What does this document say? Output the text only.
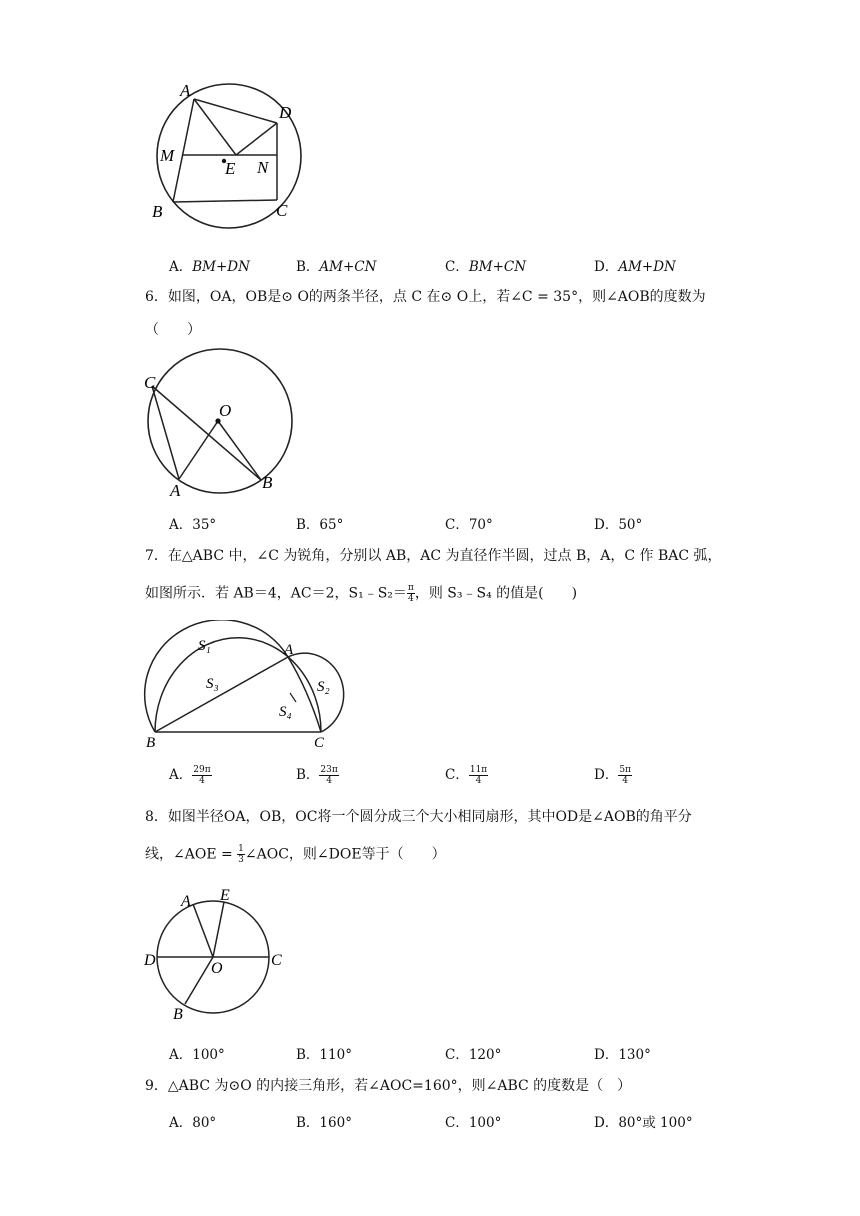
A
D
M
E N
B	C
A．BM+DN	B．AM+CN	C．BM+CN	D．AM+DN
6．如图，OA，OB是⊙ O的两条半径，点 C 在⊙ O上，若∠C = 35°，则∠AOB的度数为
（　　）
C
O
A	B
A．35°	B．65°	C．70°	D．50°
7．在△ABC 中，∠C 为锐角，分别以 AB，AC 为直径作半圆，过点 B，A，C 作 BAC 弧，
如图所示．若 AB＝4，AC＝2，S₁﹣S₂＝ $\frac{\pi}{4}$ ，则 S₃﹣S₄ 的值是(　　)
S₁	A
S₃	S₂
S₄
B	C
A． $\frac{29\pi}{4}$	B． $\frac{23\pi}{4}$	C． $\frac{11\pi}{4}$	D． $\frac{5\pi}{4}$
8．如图半径OA，OB，OC将一个圆分成三个大小相同扇形，其中OD是∠AOB的角平分
线，∠AOE = $\frac{1}{3}$ ∠AOC，则∠DOE等于（　　）
A E
D	O	C
B
A．100°	B．110°	C．120°	D．130°
9．△ABC 为⊙O 的内接三角形，若∠AOC=160°，则∠ABC 的度数是（　）
A．80°	B．160°	C．100°	D．80°或 100°
